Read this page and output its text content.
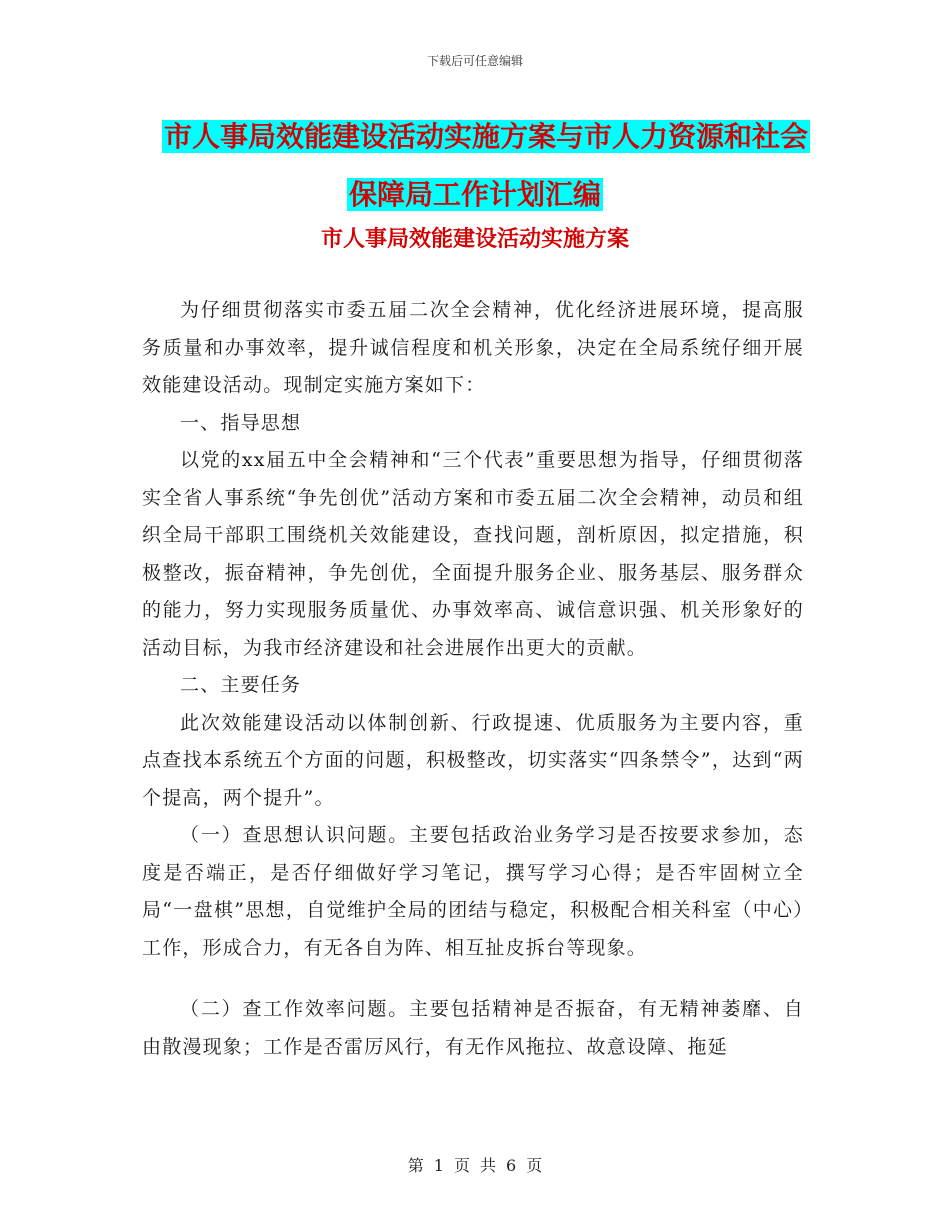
下载后可任意编辑
市人事局效能建设活动实施方案与市人力资源和社会
保障局工作计划汇编
市人事局效能建设活动实施方案

为仔细贯彻落实市委五届二次全会精神，优化经济进展环境，提高服务质量和办事效率，提升诚信程度和机关形象，决定在全局系统仔细开展效能建设活动。现制定实施方案如下：

一、指导思想

以党的xx届五中全会精神和“三个代表”重要思想为指导，仔细贯彻落实全省人事系统“争先创优”活动方案和市委五届二次全会精神，动员和组织全局干部职工围绕机关效能建设，查找问题，剖析原因，拟定措施，积极整改，振奋精神，争先创优，全面提升服务企业、服务基层、服务群众的能力，努力实现服务质量优、办事效率高、诚信意识强、机关形象好的活动目标，为我市经济建设和社会进展作出更大的贡献。

二、主要任务

此次效能建设活动以体制创新、行政提速、优质服务为主要内容，重点查找本系统五个方面的问题，积极整改，切实落实“四条禁令”，达到“两个提高，两个提升”。

（一）查思想认识问题。主要包括政治业务学习是否按要求参加，态度是否端正，是否仔细做好学习笔记，撰写学习心得；是否牢固树立全局“一盘棋”思想，自觉维护全局的团结与稳定，积极配合相关科室（中心）工作，形成合力，有无各自为阵、相互扯皮拆台等现象。

（二）查工作效率问题。主要包括精神是否振奋，有无精神萎靡、自由散漫现象；工作是否雷厉风行，有无作风拖拉、故意设障、拖延

第 1 页 共 6 页
